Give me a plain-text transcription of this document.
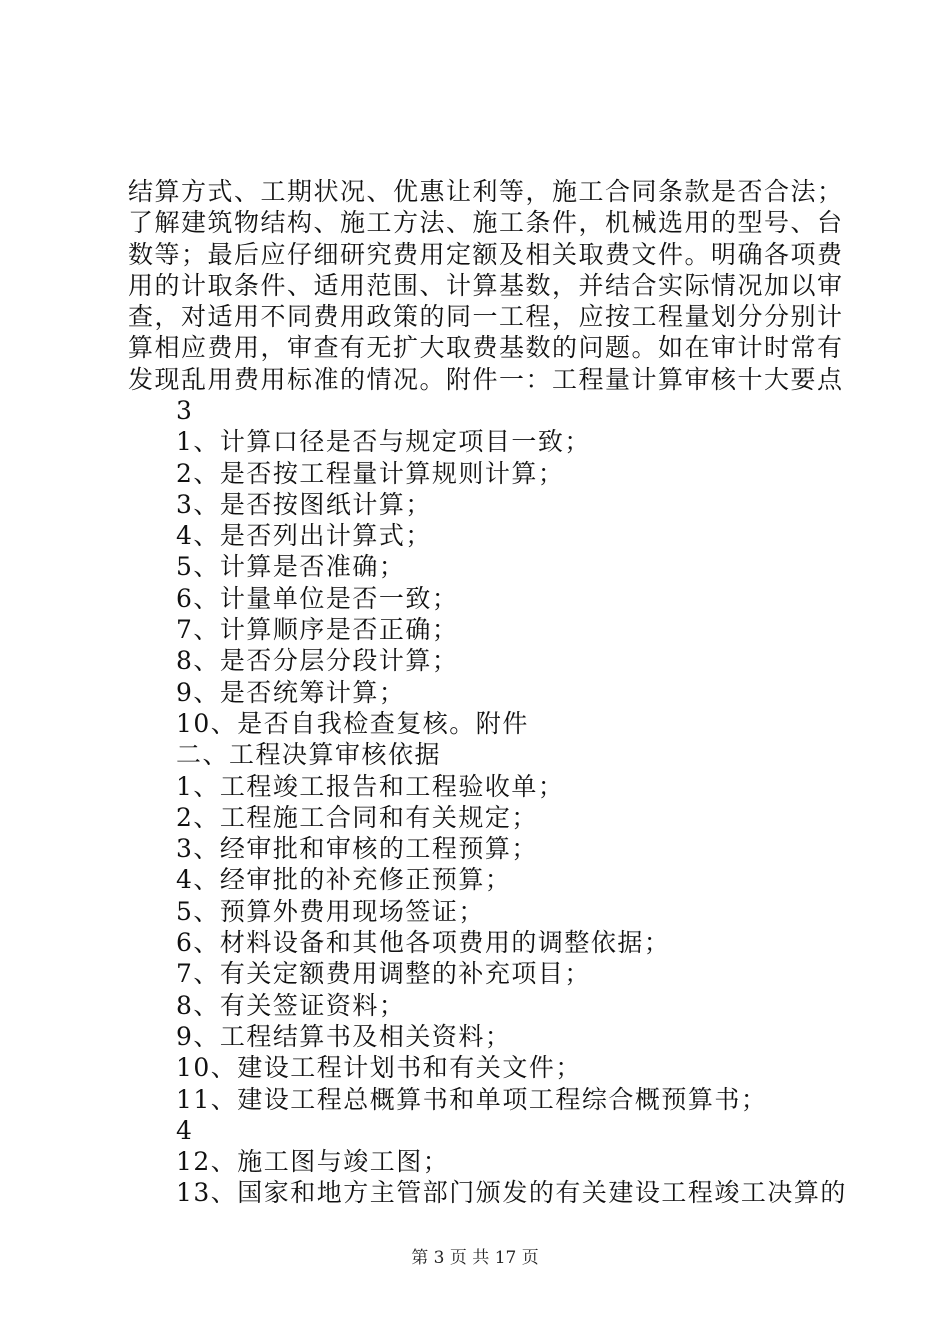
结算方式、工期状况、优惠让利等，施工合同条款是否合法；
了解建筑物结构、施工方法、施工条件，机械选用的型号、台
数等；最后应仔细研究费用定额及相关取费文件。明确各项费
用的计取条件、适用范围、计算基数，并结合实际情况加以审
查，对适用不同费用政策的同一工程，应按工程量划分分别计
算相应费用，审查有无扩大取费基数的问题。如在审计时常有
发现乱用费用标准的情况。附件一：工程量计算审核十大要点

3
1、计算口径是否与规定项目一致；
2、是否按工程量计算规则计算；
3、是否按图纸计算；
4、是否列出计算式；
5、计算是否准确；
6、计量单位是否一致；
7、计算顺序是否正确；
8、是否分层分段计算；
9、是否统筹计算；
10、是否自我检查复核。附件
二、工程决算审核依据
1、工程竣工报告和工程验收单；
2、工程施工合同和有关规定；
3、经审批和审核的工程预算；
4、经审批的补充修正预算；
5、预算外费用现场签证；
6、材料设备和其他各项费用的调整依据；
7、有关定额费用调整的补充项目；
8、有关签证资料；
9、工程结算书及相关资料；
10、建设工程计划书和有关文件；
11、建设工程总概算书和单项工程综合概预算书；
4
12、施工图与竣工图；
13、国家和地方主管部门颁发的有关建设工程竣工决算的
第 3 页 共 17 页
